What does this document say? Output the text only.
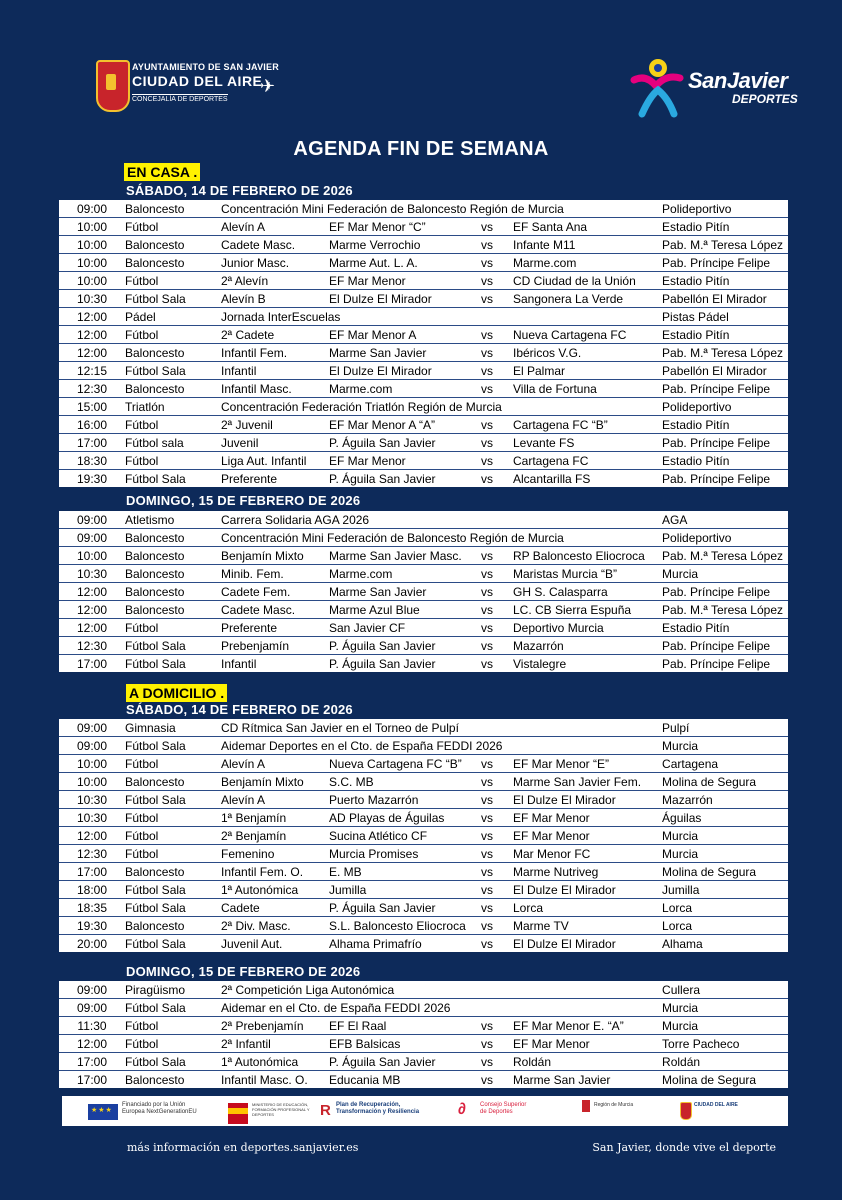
AYUNTAMIENTO DE SAN JAVIER
CIUDAD DEL AIRE
CONCEJALÍA DE DEPORTES
✈	SanJavier
DEPORTES
AGENDA FIN DE SEMANA
EN CASA .
SÁBADO, 14 DE FEBRERO DE 2026
09:00	Baloncesto	Concentración Mini Federación de Baloncesto Región de Murcia				Polideportivo
10:00	Fútbol	Alevín A	EF Mar Menor “C”	vs	EF Santa Ana	Estadio Pitín
10:00	Baloncesto	Cadete Masc.	Marme Verrochio	vs	Infante M11	Pab. M.ª Teresa López
10:00	Baloncesto	Junior Masc.	Marme Aut. L. A.	vs	Marme.com	Pab. Príncipe Felipe
10:00	Fútbol	2ª Alevín	EF Mar Menor	vs	CD Ciudad de la Unión	Estadio Pitín
10:30	Fútbol Sala	Alevín B	El Dulze El Mirador	vs	Sangonera La Verde	Pabellón El Mirador
12:00	Pádel	Jornada InterEscuelas				Pistas Pádel
12:00	Fútbol	2ª Cadete	EF Mar Menor A	vs	Nueva Cartagena FC	Estadio Pitín
12:00	Baloncesto	Infantil Fem.	Marme San Javier	vs	Ibéricos V.G.	Pab. M.ª Teresa López
12:15	Fútbol Sala	Infantil	El Dulze El Mirador	vs	El Palmar	Pabellón El Mirador
12:30	Baloncesto	Infantil Masc.	Marme.com	vs	Villa de Fortuna	Pab. Príncipe Felipe
15:00	Triatlón	Concentración Federación Triatlón Región de Murcia				Polideportivo
16:00	Fútbol	2ª Juvenil	EF Mar Menor A “A”	vs	Cartagena FC “B”	Estadio Pitín
17:00	Fútbol sala	Juvenil	P. Águila San Javier	vs	Levante FS	Pab. Príncipe Felipe
18:30	Fútbol	Liga Aut. Infantil	EF Mar Menor	vs	Cartagena FC	Estadio Pitín
19:30	Fútbol Sala	Preferente	P. Águila San Javier	vs	Alcantarilla FS	Pab. Príncipe Felipe
DOMINGO, 15 DE FEBRERO DE 2026
09:00	Atletismo	Carrera Solidaria AGA 2026				AGA
09:00	Baloncesto	Concentración Mini Federación de Baloncesto Región de Murcia				Polideportivo
10:00	Baloncesto	Benjamín Mixto	Marme San Javier Masc.	vs	RP Baloncesto Eliocroca	Pab. M.ª Teresa López
10:30	Baloncesto	Minib. Fem.	Marme.com	vs	Maristas Murcia “B”	Murcia
12:00	Baloncesto	Cadete Fem.	Marme San Javier	vs	GH S. Calasparra	Pab. Príncipe Felipe
12:00	Baloncesto	Cadete Masc.	Marme Azul Blue	vs	LC. CB Sierra Espuña	Pab. M.ª Teresa López
12:00	Fútbol	Preferente	San Javier CF	vs	Deportivo Murcia	Estadio Pitín
12:30	Fútbol Sala	Prebenjamín	P. Águila San Javier	vs	Mazarrón	Pab. Príncipe Felipe
17:00	Fútbol Sala	Infantil	P. Águila San Javier	vs	Vistalegre	Pab. Príncipe Felipe
A DOMICILIO .
SÁBADO, 14 DE FEBRERO DE 2026
09:00	Gimnasia	CD Rítmica San Javier en el Torneo de Pulpí				Pulpí
09:00	Fútbol Sala	Aidemar Deportes en el Cto. de España FEDDI 2026				Murcia
10:00	Fútbol	Alevín A	Nueva Cartagena FC “B”	vs	EF Mar Menor “E”	Cartagena
10:00	Baloncesto	Benjamín Mixto	S.C. MB	vs	Marme San Javier Fem.	Molina de Segura
10:30	Fútbol Sala	Alevín A	Puerto Mazarrón	vs	El Dulze El Mirador	Mazarrón
10:30	Fútbol	1ª Benjamín	AD Playas de Águilas	vs	EF Mar Menor	Águilas
12:00	Fútbol	2ª Benjamín	Sucina Atlético CF	vs	EF Mar Menor	Murcia
12:30	Fútbol	Femenino	Murcia Promises	vs	Mar Menor FC	Murcia
17:00	Baloncesto	Infantil Fem. O.	E. MB	vs	Marme Nutriveg	Molina de Segura
18:00	Fútbol Sala	1ª Autonómica	Jumilla	vs	El Dulze El Mirador	Jumilla
18:35	Fútbol Sala	Cadete	P. Águila San Javier	vs	Lorca	Lorca
19:30	Baloncesto	2ª Div. Masc.	S.L. Baloncesto Eliocroca	vs	Marme TV	Lorca
20:00	Fútbol Sala	Juvenil Aut.	Alhama Primafrío	vs	El Dulze El Mirador	Alhama
DOMINGO, 15 DE FEBRERO DE 2026
09:00	Piragüismo	2ª Competición Liga Autonómica				Cullera
09:00	Fútbol Sala	Aidemar en el Cto. de España FEDDI 2026				Murcia
11:30	Fútbol	2ª Prebenjamín	EF El Raal	vs	EF Mar Menor E. “A”	Murcia
12:00	Fútbol	2ª Infantil	EFB Balsicas	vs	EF Mar Menor	Torre Pacheco
17:00	Fútbol Sala	1ª Autonómica	P. Águila San Javier	vs	Roldán	Roldán
17:00	Baloncesto	Infantil Masc. O.	Educania MB	vs	Marme San Javier	Molina de Segura
★★★
Financiado por la Unión Europea NextGenerationEU
MINISTERIO DE EDUCACIÓN, FORMACIÓN PROFESIONAL Y DEPORTES	R Plan de Recuperación, Transformación y Resiliencia	∂ Consejo Superior de Deportes
Región de Murcia	CIUDAD DEL AIRE
más información en deportes.sanjavier.es	San Javier, donde vive el deporte
